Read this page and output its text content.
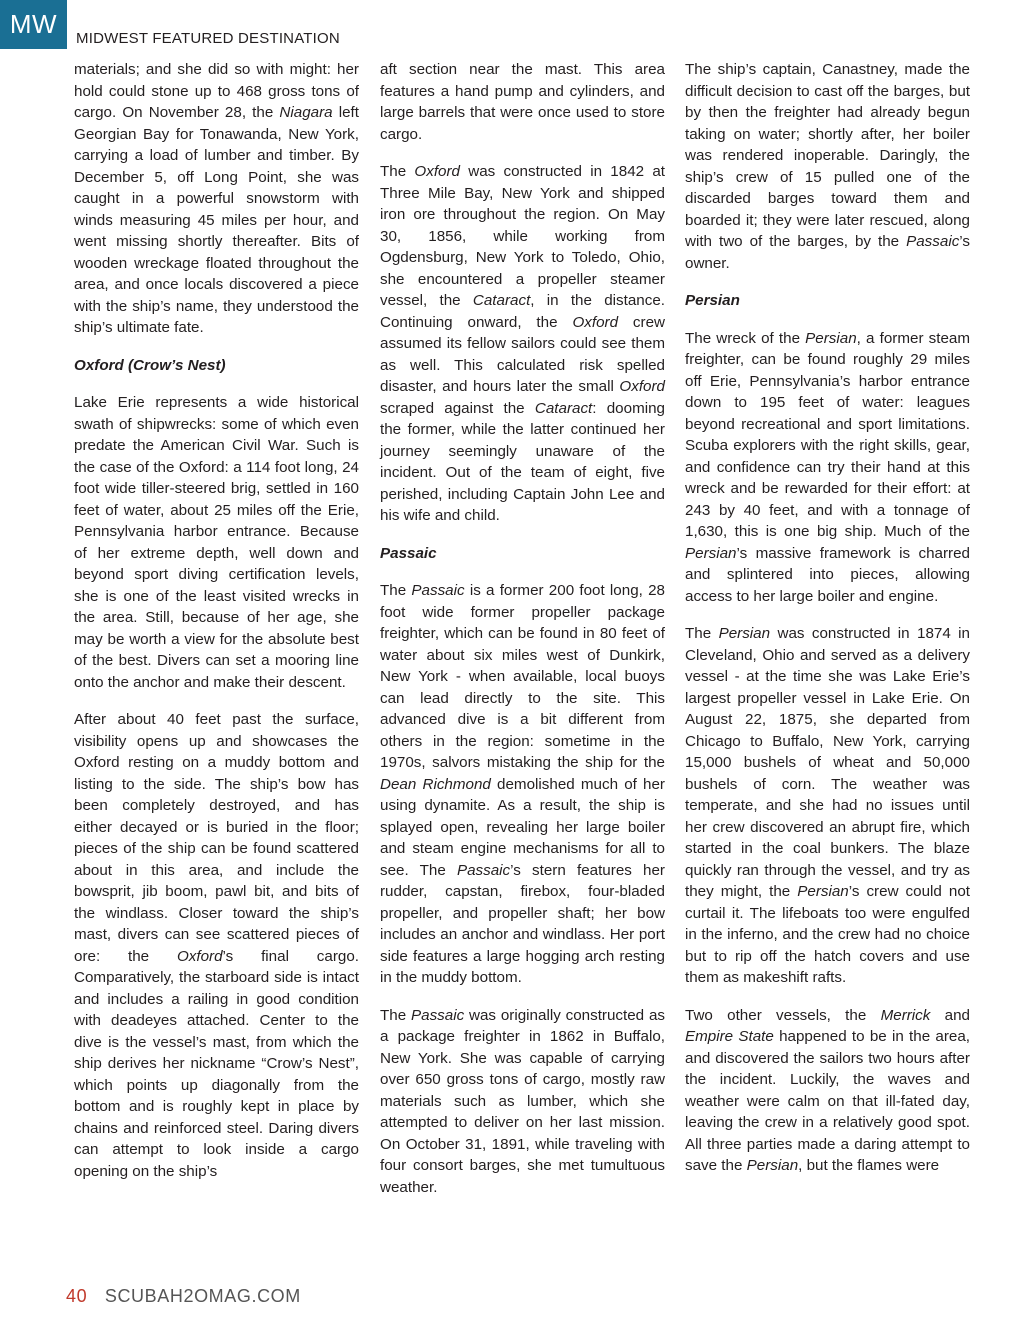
MW	MIDWEST FEATURED DESTINATION

materials; and she did so with might: her hold could stone up to 468 gross tons of cargo. On November 28, the Niagara left Georgian Bay for Tonawanda, New York, carrying a load of lumber and timber. By December 5, off Long Point, she was caught in a powerful snowstorm with winds measuring 45 miles per hour, and went missing shortly thereafter. Bits of wooden wreckage floated throughout the area, and once locals discovered a piece with the ship’s name, they understood the ship’s ultimate fate.

Oxford (Crow’s Nest)

Lake Erie represents a wide historical swath of shipwrecks: some of which even predate the American Civil War. Such is the case of the Oxford: a 114 foot long, 24 foot wide tiller-steered brig, settled in 160 feet of water, about 25 miles off the Erie, Pennsylvania harbor entrance. Because of her extreme depth, well down and beyond sport diving certification levels, she is one of the least visited wrecks in the area. Still, because of her age, she may be worth a view for the absolute best of the best. Divers can set a mooring line onto the anchor and make their descent.

After about 40 feet past the surface, visibility opens up and showcases the Oxford resting on a muddy bottom and listing to the side. The ship’s bow has been completely destroyed, and has either decayed or is buried in the floor; pieces of the ship can be found scattered about in this area, and include the bowsprit, jib boom, pawl bit, and bits of the windlass. Closer toward the ship’s mast, divers can see scattered pieces of ore: the Oxford’s final cargo. Comparatively, the starboard side is intact and includes a railing in good condition with deadeyes attached. Center to the dive is the vessel’s mast, from which the ship derives her nickname “Crow’s Nest”, which points up diagonally from the bottom and is roughly kept in place by chains and reinforced steel. Daring divers can attempt to look inside a cargo opening on the ship’s

aft section near the mast. This area features a hand pump and cylinders, and large barrels that were once used to store cargo.

The Oxford was constructed in 1842 at Three Mile Bay, New York and shipped iron ore throughout the region. On May 30, 1856, while working from Ogdensburg, New York to Toledo, Ohio, she encountered a propeller steamer vessel, the Cataract, in the distance. Continuing onward, the Oxford crew assumed its fellow sailors could see them as well. This calculated risk spelled disaster, and hours later the small Oxford scraped against the Cataract: dooming the former, while the latter continued her journey seemingly unaware of the incident. Out of the team of eight, five perished, including Captain John Lee and his wife and child.

Passaic

The Passaic is a former 200 foot long, 28 foot wide former propeller package freighter, which can be found in 80 feet of water about six miles west of Dunkirk, New York - when available, local buoys can lead directly to the site. This advanced dive is a bit different from others in the region: sometime in the 1970s, salvors mistaking the ship for the Dean Richmond demolished much of her using dynamite. As a result, the ship is splayed open, revealing her large boiler and steam engine mechanisms for all to see. The Passaic’s stern features her rudder, capstan, firebox, four-bladed propeller, and propeller shaft; her bow includes an anchor and windlass. Her port side features a large hogging arch resting in the muddy bottom.

The Passaic was originally constructed as a package freighter in 1862 in Buffalo, New York. She was capable of carrying over 650 gross tons of cargo, mostly raw materials such as lumber, which she attempted to deliver on her last mission. On October 31, 1891, while traveling with four consort barges, she met tumultuous weather.

The ship’s captain, Canastney, made the difficult decision to cast off the barges, but by then the freighter had already begun taking on water; shortly after, her boiler was rendered inoperable. Daringly, the ship’s crew of 15 pulled one of the discarded barges toward them and boarded it; they were later rescued, along with two of the barges, by the Passaic’s owner.

Persian

The wreck of the Persian, a former steam freighter, can be found roughly 29 miles off Erie, Pennsylvania’s harbor entrance down to 195 feet of water: leagues beyond recreational and sport limitations. Scuba explorers with the right skills, gear, and confidence can try their hand at this wreck and be rewarded for their effort: at 243 by 40 feet, and with a tonnage of 1,630, this is one big ship. Much of the Persian’s massive framework is charred and splintered into pieces, allowing access to her large boiler and engine.

The Persian was constructed in 1874 in Cleveland, Ohio and served as a delivery vessel - at the time she was Lake Erie’s largest propeller vessel in Lake Erie. On August 22, 1875, she departed from Chicago to Buffalo, New York, carrying 15,000 bushels of wheat and 50,000 bushels of corn. The weather was temperate, and she had no issues until her crew discovered an abrupt fire, which started in the coal bunkers. The blaze quickly ran through the vessel, and try as they might, the Persian’s crew could not curtail it. The lifeboats too were engulfed in the inferno, and the crew had no choice but to rip off the hatch covers and use them as makeshift rafts.

Two other vessels, the Merrick and Empire State happened to be in the area, and discovered the sailors two hours after the incident. Luckily, the waves and weather were calm on that ill-fated day, leaving the crew in a relatively good spot. All three parties made a daring attempt to save the Persian, but the flames were

40 SCUBAH2OMAG.COM
